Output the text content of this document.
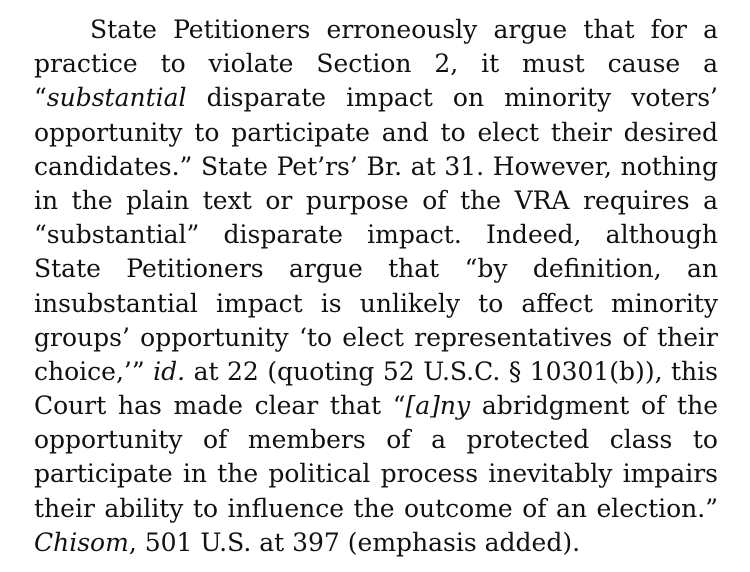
State Petitioners erroneously argue that for a
practice to violate Section 2, it must cause a
“substantial disparate impact on minority voters’
opportunity to participate and to elect their desired
candidates.” State Pet’rs’ Br. at 31. However, nothing
in the plain text or purpose of the VRA requires a
“substantial” disparate impact. Indeed, although
State Petitioners argue that “by definition, an
insubstantial impact is unlikely to affect minority
groups’ opportunity ‘to elect representatives of their
choice,’” id. at 22 (quoting 52 U.S.C. § 10301(b)), this
Court has made clear that “[a]ny abridgment of the
opportunity of members of a protected class to
participate in the political process inevitably impairs
their ability to influence the outcome of an election.”
Chisom, 501 U.S. at 397 (emphasis added).
